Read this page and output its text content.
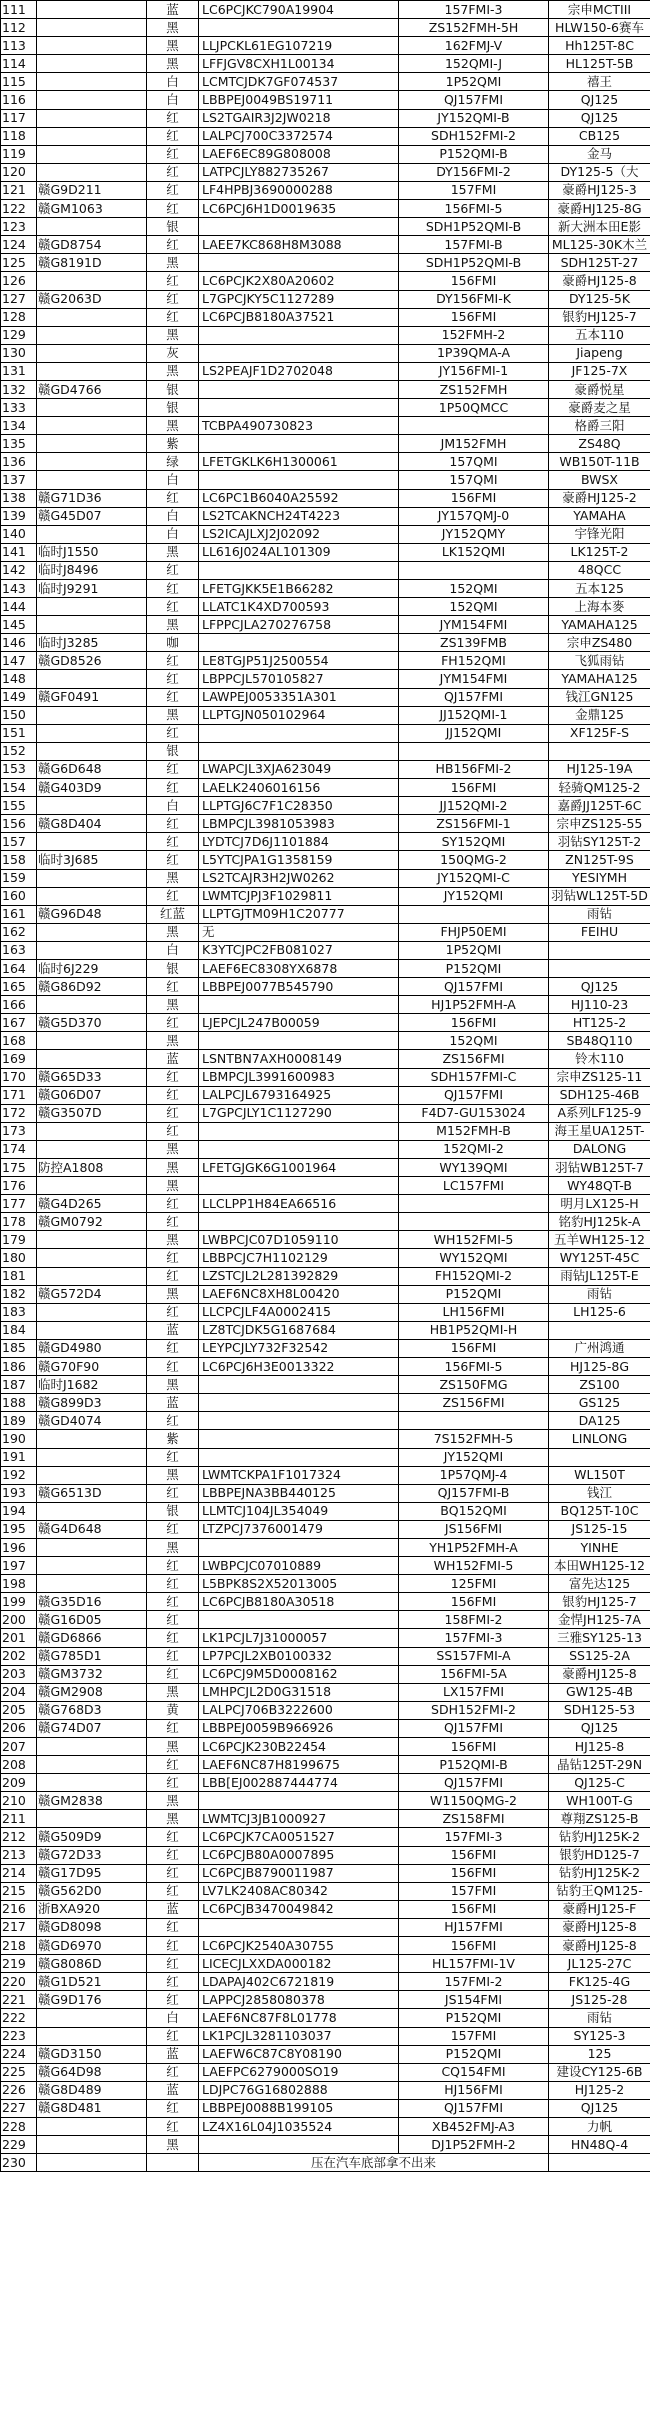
111		蓝	LC6PCJKC790A19904	157FMI-3	宗申MCTIII
112		黑		ZS152FMH-5H	HLW150-6赛车
113		黑	LLJPCKL61EG107219	162FMJ-V	Hh125T-8C
114		黑	LFFJGV8CXH1L00134	152QMI-J	HL125T-5B
115		白	LCMTCJDK7GF074537	1P52QMI	禧王
116		白	LBBPEJ0049BS19711	QJ157FMI	QJ125
117		红	LS2TGAIR3J2JW0218	JY152QMI-B	QJ125
118		红	LALPCJ700C3372574	SDH152FMI-2	CB125
119		红	LAEF6EC89G808008	P152QMI-B	金马
120		红	LATPCJLY882735267	DY156FMI-2	DY125-5（大
121	赣G9D211	红	LF4HPBJ3690000288	157FMI	豪爵HJ125-3
122	赣GM1063	红	LC6PCJ6H1D0019635	156FMI-5	豪爵HJ125-8G
123		银		SDH1P52QMI-B	新大洲本田E影
124	赣GD8754	红	LAEE7KC868H8M3088	157FMI-B	ML125-30K木兰
125	赣G8191D	黑		SDH1P52QMI-B	SDH125T-27
126		红	LC6PCJK2X80A20602	156FMI	豪爵HJ125-8
127	赣G2063D	红	L7GPCJKY5C1127289	DY156FMI-K	DY125-5K
128		红	LC6PCJB8180A37521	156FMI	银豹HJ125-7
129		黑		152FMH-2	五本110
130		灰		1P39QMA-A	Jiapeng
131		黑	LS2PEAJF1D2702048	JY156FMI-1	JF125-7X
132	赣GD4766	银		ZS152FMH	豪爵悦星
133		银		1P50QMCC	豪爵麦之星
134		黑	TCBPA490730823		格爵三阳
135		紫		JM152FMH	ZS48Q
136		绿	LFETGKLK6H1300061	157QMI	WB150T-11B
137		白		157QMI	BWSX
138	赣G71D36	红	LC6PC1B6040A25592	156FMI	豪爵HJ125-2
139	赣G45D07	白	LS2TCAKNCH24T4223	JY157QMJ-0	YAMAHA
140		白	LS2ICAJLXJ2J02092	JY152QMY	宇锋光阳
141	临时J1550	黑	LL616J024AL101309	LK152QMI	LK125T-2
142	临时J8496	红			48QCC
143	临时J9291	红	LFETGJKK5E1B66282	152QMI	五本125
144		红	LLATC1K4XD700593	152QMI	上海本麥
145		黑	LFPPCJLA270276758	JYM154FMI	YAMAHA125
146	临时J3285	咖		ZS139FMB	宗申ZS480
147	赣GD8526	红	LE8TGJP51J2500554	FH152QMI	飞狐雨钻
148		红	LBPPCJL570105827	JYM154FMI	YAMAHA125
149	赣GF0491	红	LAWPEJ0053351A301	QJ157FMI	钱江GN125
150		黑	LLPTGJN050102964	JJ152QMI-1	金鼎125
151		红		JJ152QMI	XF125F-S
152		银			
153	赣G6D648	红	LWAPCJL3XJA623049	HB156FMI-2	HJ125-19A
154	赣G403D9	红	LAELK2406016156	156FMI	轻骑QM125-2
155		白	LLPTGJ6C7F1C28350	JJ152QMI-2	嘉爵JJ125T-6C
156	赣G8D404	红	LBMPCJL3981053983	ZS156FMI-1	宗申ZS125-55
157		红	LYDTCJ7D6J1101884	SY152QMI	羽钻SY125T-2
158	临时3J685	红	L5YTCJPA1G1358159	150QMG-2	ZN125T-9S
159		黑	LS2TCAJR3H2JW0262	JY152QMI-C	YESIYMH
160		红	LWMTCJPJ3F1029811	JY152QMI	羽钻WL125T-5D
161	赣G96D48	红蓝	LLPTGJTM09H1C20777		雨钻
162		黑	无	FHJP50EMI	FEIHU
163		白	K3YTCJPC2FB081027	1P52QMI	
164	临时6J229	银	LAEF6EC8308YX6878	P152QMI	
165	赣G86D92	红	LBBPEJ0077B545790	QJ157FMI	QJ125
166		黑		HJ1P52FMH-A	HJ110-23
167	赣G5D370	红	LJEPCJL247B00059	156FMI	HT125-2
168		黑		152QMI	SB48Q110
169		蓝	LSNTBN7AXH0008149	ZS156FMI	铃木110
170	赣G65D33	红	LBMPCJL3991600983	SDH157FMI-C	宗申ZS125-11
171	赣G06D07	红	LALPCJL6793164925	QJ157FMI	SDH125-46B
172	赣G3507D	红	L7GPCJLY1C1127290	F4D7-GU153024	A系列LF125-9
173		红		M152FMH-B	海王星UA125T-
174		黑		152QMI-2	DALONG
175	防控A1808	黑	LFETGJGK6G1001964	WY139QMI	羽钻WB125T-7
176		黑		LC157FMI	WY48QT-B
177	赣G4D265	红	LLCLPP1H84EA66516		明月LX125-H
178	赣GM0792	红			铭豹HJ125k-A
179		黑	LWBPCJC07D1059110	WH152FMI-5	五羊WH125-12
180		红	LBBPCJC7H1102129	WY152QMI	WY125T-45C
181		红	LZSTCJL2L281392829	FH152QMI-2	雨钻JL125T-E
182	赣G572D4	黑	LAEF6NC8XH8L00420	P152QMI	雨钻
183		红	LLCPCJLF4A0002415	LH156FMI	LH125-6
184		蓝	LZ8TCJDK5G1687684	HB1P52QMI-H	
185	赣GD4980	红	LEYPCJLY732F32542	156FMI	广州鸿通
186	赣G70F90	红	LC6PCJ6H3E0013322	156FMI-5	HJ125-8G
187	临时J1682	黑		ZS150FMG	ZS100
188	赣G899D3	蓝		ZS156FMI	GS125
189	赣GD4074	红			DA125
190		紫		7S152FMH-5	LINLONG
191		红		JY152QMI	
192		黑	LWMTCKPA1F1017324	1P57QMJ-4	WL150T
193	赣G6513D	红	LBBPEJNA3BB440125	QJ157FMI-B	钱江
194		银	LLMTCJ104JL354049	BQ152QMI	BQ125T-10C
195	赣G4D648	红	LTZPCJ7376001479	JS156FMI	JS125-15
196		黑		YH1P52FMH-A	YINHE
197		红	LWBPCJC07010889	WH152FMI-5	本田WH125-12
198		红	L5BPK8S2X52013005	125FMI	富先达125
199	赣G35D16	红	LC6PCJB8180A30518	156FMI	银豹HJ125-7
200	赣G16D05	红		158FMI-2	金悍JH125-7A
201	赣GD6866	红	LK1PCJL7J31000057	157FMI-3	三雅SY125-13
202	赣G785D1	红	LP7PCJL2XB0100332	SS157FMI-A	SS125-2A
203	赣GM3732	红	LC6PCJ9M5D0008162	156FMI-5A	豪爵HJ125-8
204	赣GM2908	黑	LMHPCJL2D0G31518	LX157FMI	GW125-4B
205	赣G768D3	黄	LALPCJ706B3222600	SDH152FMI-2	SDH125-53
206	赣G74D07	红	LBBPEJ0059B966926	QJ157FMI	QJ125
207		黑	LC6PCJK230B22454	156FMI	HJ125-8
208		红	LAEF6NC87H8199675	P152QMI-B	晶钻125T-29N
209		红	LBB[EJ002887444774	QJ157FMI	QJ125-C
210	赣GM2838	黑		W1150QMG-2	WH100T-G
211		黑	LWMTCJ3JB1000927	ZS158FMI	尊翔ZS125-B
212	赣G509D9	红	LC6PCJK7CA0051527	157FMI-3	钻豹HJ125K-2
213	赣G72D33	红	LC6PCJB80A0007895	156FMI	银豹HD125-7
214	赣G17D95	红	LC6PCJB8790011987	156FMI	钻豹HJ125K-2
215	赣G562D0	红	LV7LK2408AC80342	157FMI	钻豹王QM125-
216	浙BXA920	蓝	LC6PCJB3470049842	156FMI	豪爵HJ125-F
217	赣GD8098	红		HJ157FMI	豪爵HJ125-8
218	赣GD6970	红	LC6PCJK2540A30755	156FMI	豪爵HJ125-8
219	赣G8086D	红	LICECJLXXDA000182	HL157FMI-1V	JL125-27C
220	赣G1D521	红	LDAPAJ402C6721819	157FMI-2	FK125-4G
221	赣G9D176	红	LAPPCJ2858080378	JS154FMI	JS125-28
222		白	LAEF6NC87F8L01778	P152QMI	雨钻
223		红	LK1PCJL3281103037	157FMI	SY125-3
224	赣GD3150	蓝	LAEFW6C87C8Y08190	P152QMI	125
225	赣G64D98	红	LAEFPC6279000SO19	CQ154FMI	建设CY125-6B
226	赣G8D489	蓝	LDJPC76G16802888	HJ156FMI	HJ125-2
227	赣G8D481	红	LBBPEJ0088B199105	QJ157FMI	QJ125
228		红	LZ4X16L04J1035524	XB452FMJ-A3	力帆
229		黑		DJ1P52FMH-2	HN48Q-4
230			压在汽车底部拿不出来		
